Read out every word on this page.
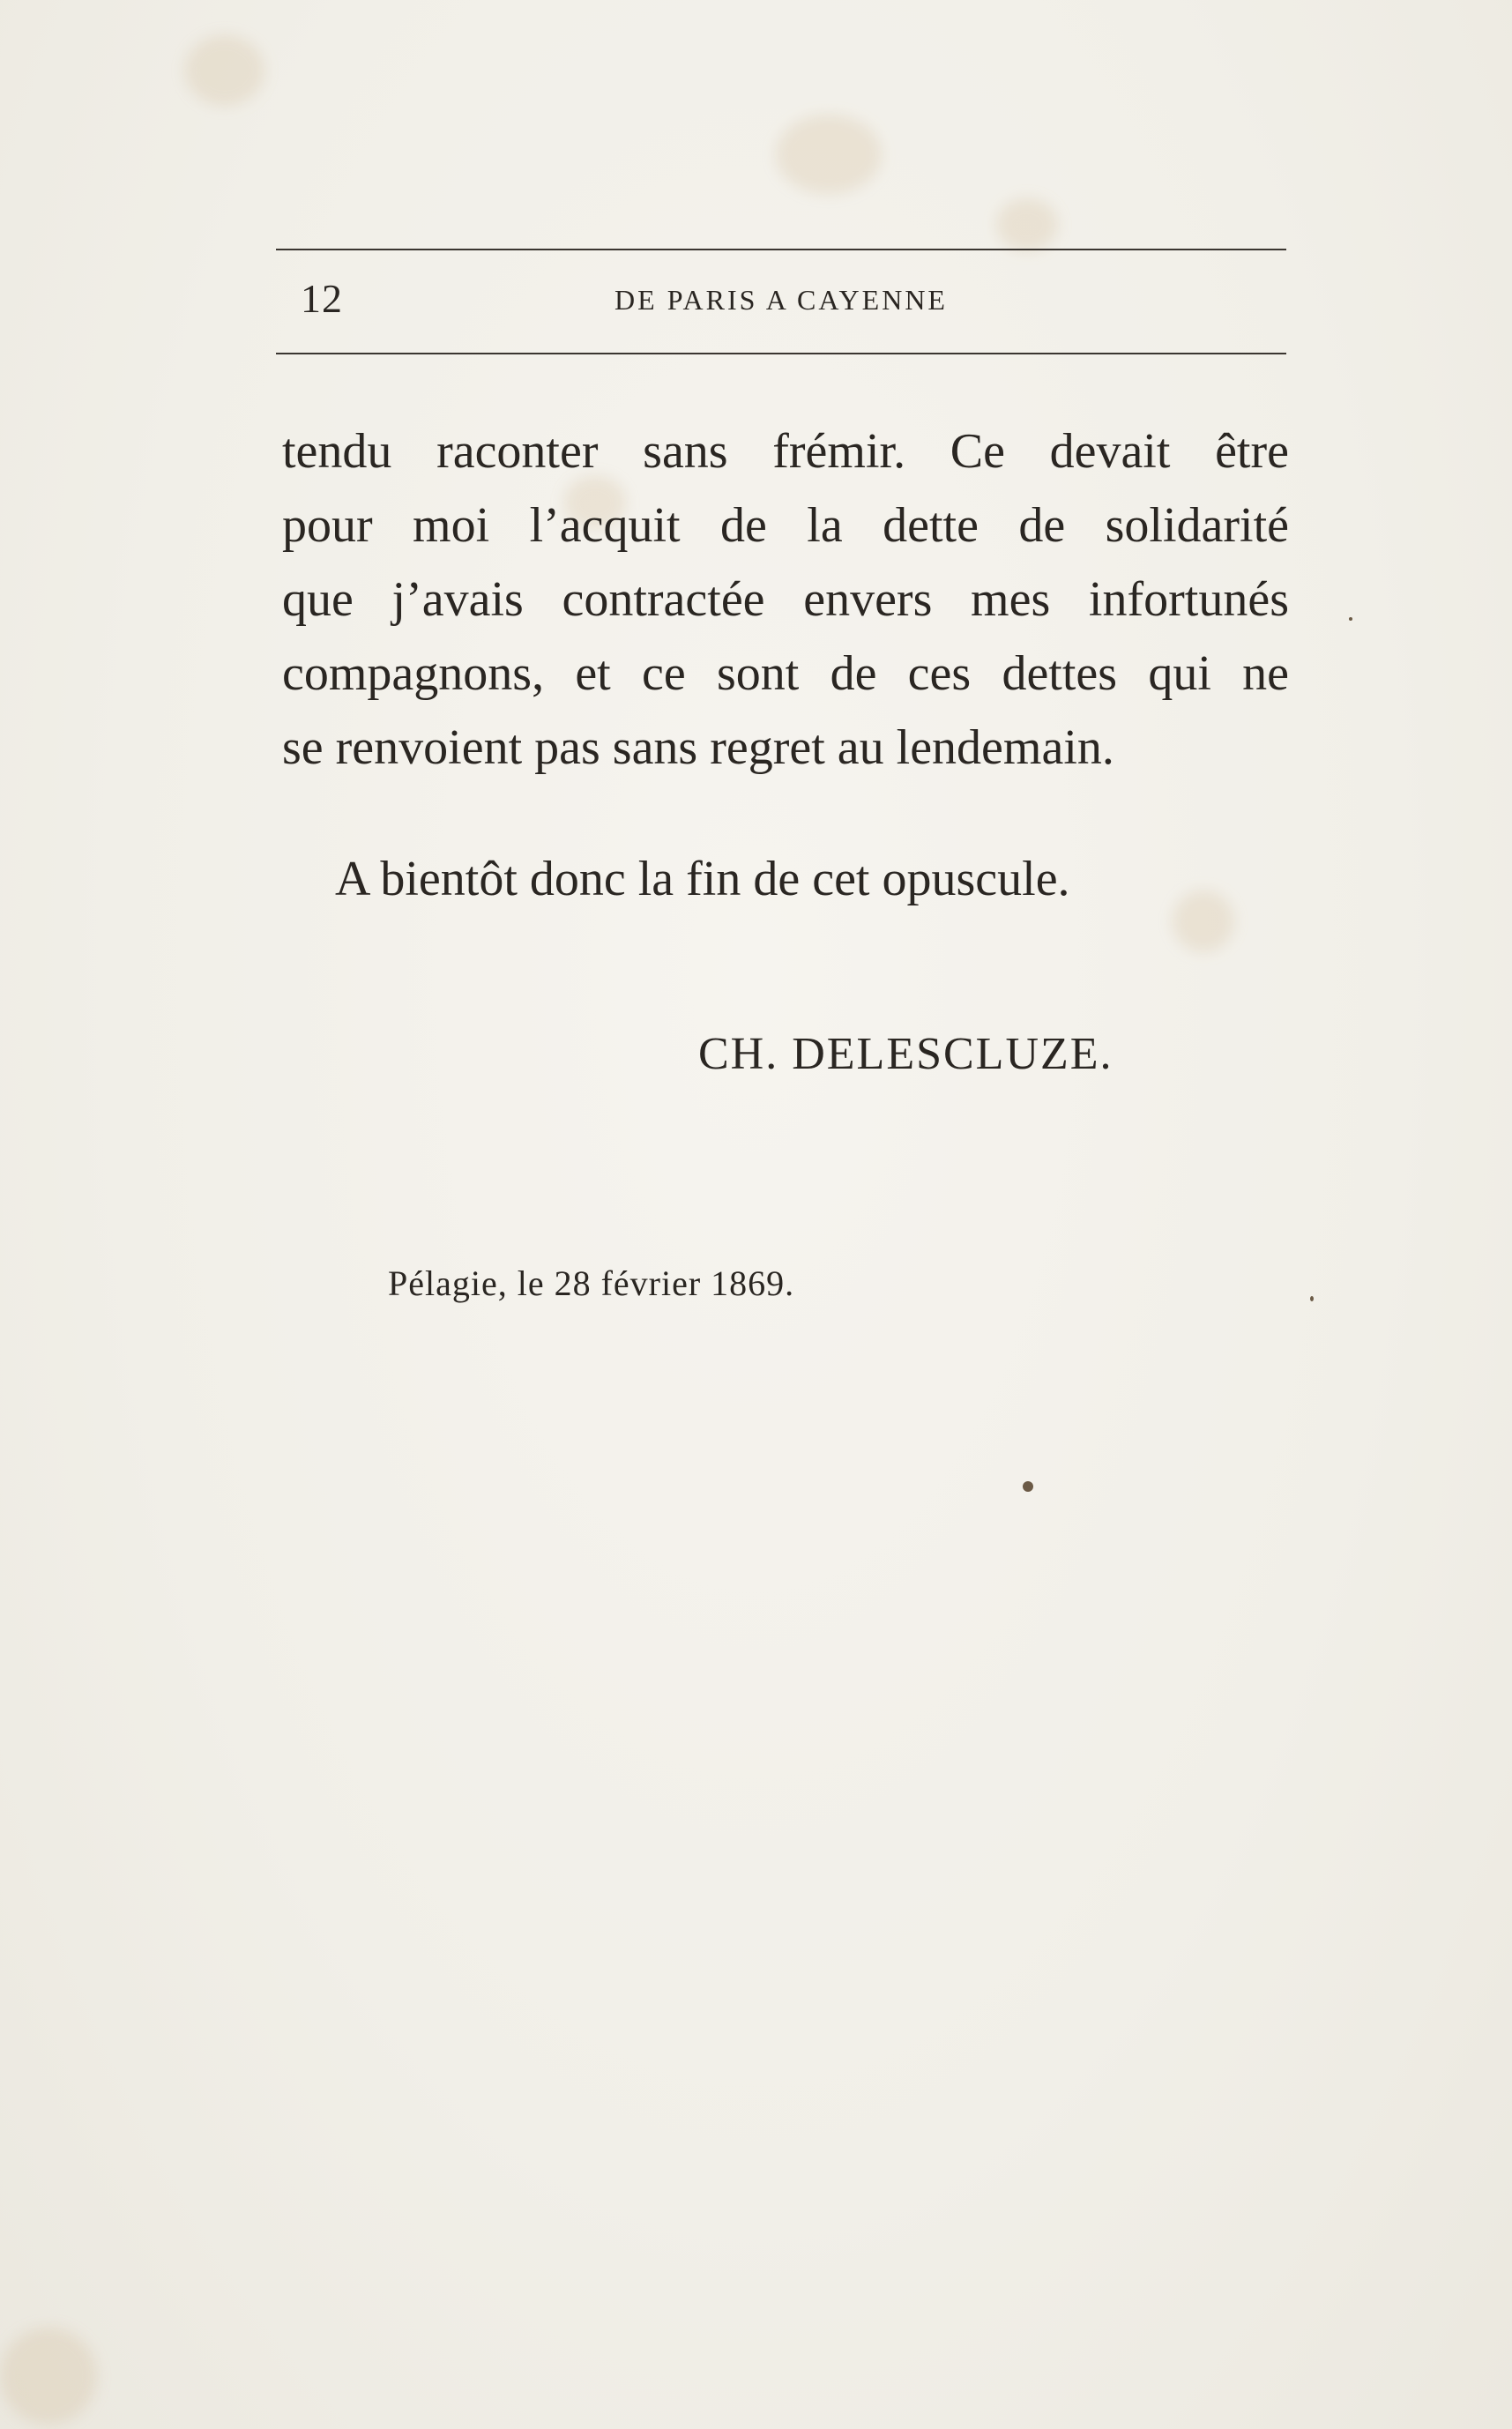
12	DE PARIS A CAYENNE
tendu raconter sans frémir. Ce devait être
pour moi l’acquit de la dette de solidarité
que j’avais contractée envers mes infortunés
compagnons, et ce sont de ces dettes qui ne
se renvoient pas sans regret au lendemain.
A bientôt donc la fin de cet opuscule.
CH. DELESCLUZE.
Pélagie, le 28 février 1869.
